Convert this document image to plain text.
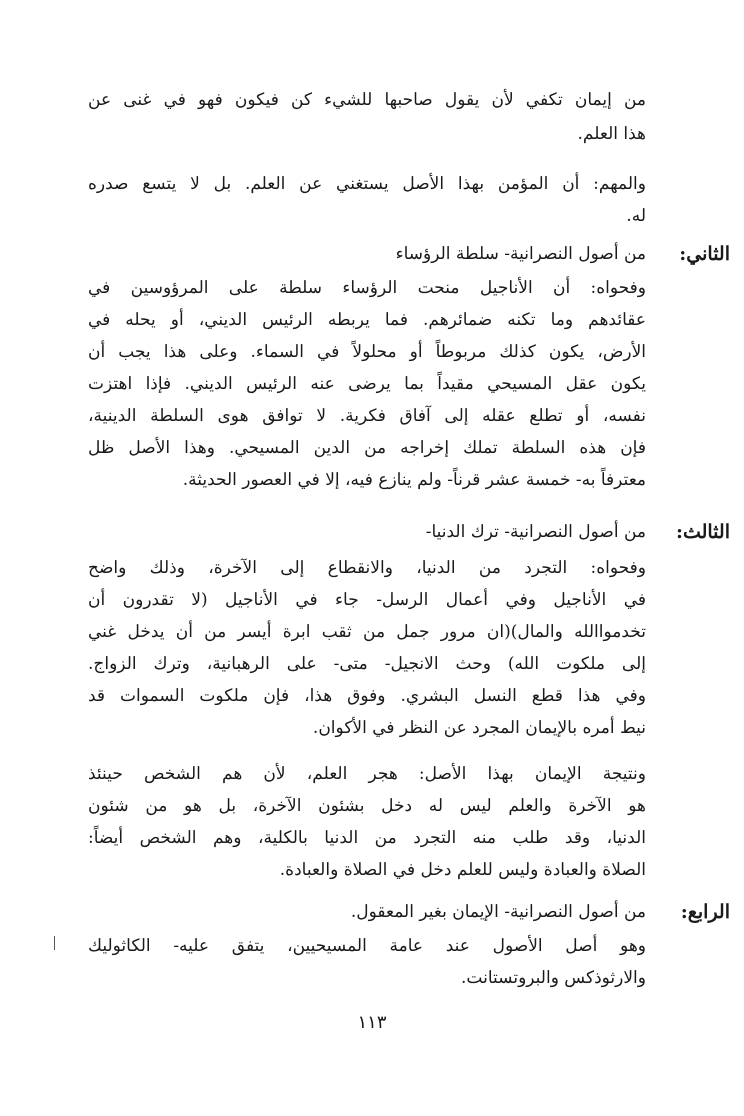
من إيمان تكفي لأن يقول صاحبها للشيء كن فيكون فهو في غنى عن
هذا العلم.
والمهم: أن المؤمن بهذا الأصل يستغني عن العلم. بل لا يتسع صدره
له.
الثاني:
من أصول النصرانية- سلطة الرؤساء
وفحواه: أن الأناجيل منحت الرؤساء سلطة على المرؤوسين في
عقائدهم وما تكنه ضمائرهم. فما يربطه الرئيس الديني، أو يحله في
الأرض، يكون كذلك مربوطاً أو محلولاً في السماء. وعلى هذا يجب أن
يكون عقل المسيحي مقيداً بما يرضى عنه الرئيس الديني. فإذا اهتزت
نفسه، أو تطلع عقله إلى آفاق فكرية. لا توافق هوى السلطة الدينية،
فإن هذه السلطة تملك إخراجه من الدين المسيحي. وهذا الأصل ظل
معترفاً به- خمسة عشر قرناً- ولم ينازع فيه، إلا في العصور الحديثة.
الثالث:
من أصول النصرانية- ترك الدنيا-
وفحواه: التجرد من الدنيا، والانقطاع إلى الآخرة، وذلك واضح
في الأناجيل وفي أعمال الرسل- جاء في الأناجيل (لا تقدرون أن
تخدمواالله والمال)(ان مرور جمل من ثقب ابرة أيسر من أن يدخل غني
إلى ملكوت الله) وحث الانجيل- متى- على الرهبانية، وترك الزواج.
وفي هذا قطع النسل البشري. وفوق هذا، فإن ملكوت السموات قد
نيط أمره بالإيمان المجرد عن النظر في الأكوان.
ونتيجة الإيمان بهذا الأصل: هجر العلم، لأن هم الشخص حينئذ
هو الآخرة والعلم ليس له دخل بشئون الآخرة، بل هو من شئون
الدنيا، وقد طلب منه التجرد من الدنيا بالكلية، وهم الشخص أيضاً:
الصلاة والعبادة وليس للعلم دخل في الصلاة والعبادة.
الرابع:
من أصول النصرانية- الإيمان بغير المعقول.
وهو أصل الأصول عند عامة المسيحيين، يتفق عليه- الكاثوليك
والارثوذكس والبروتستانت.
١١٣
